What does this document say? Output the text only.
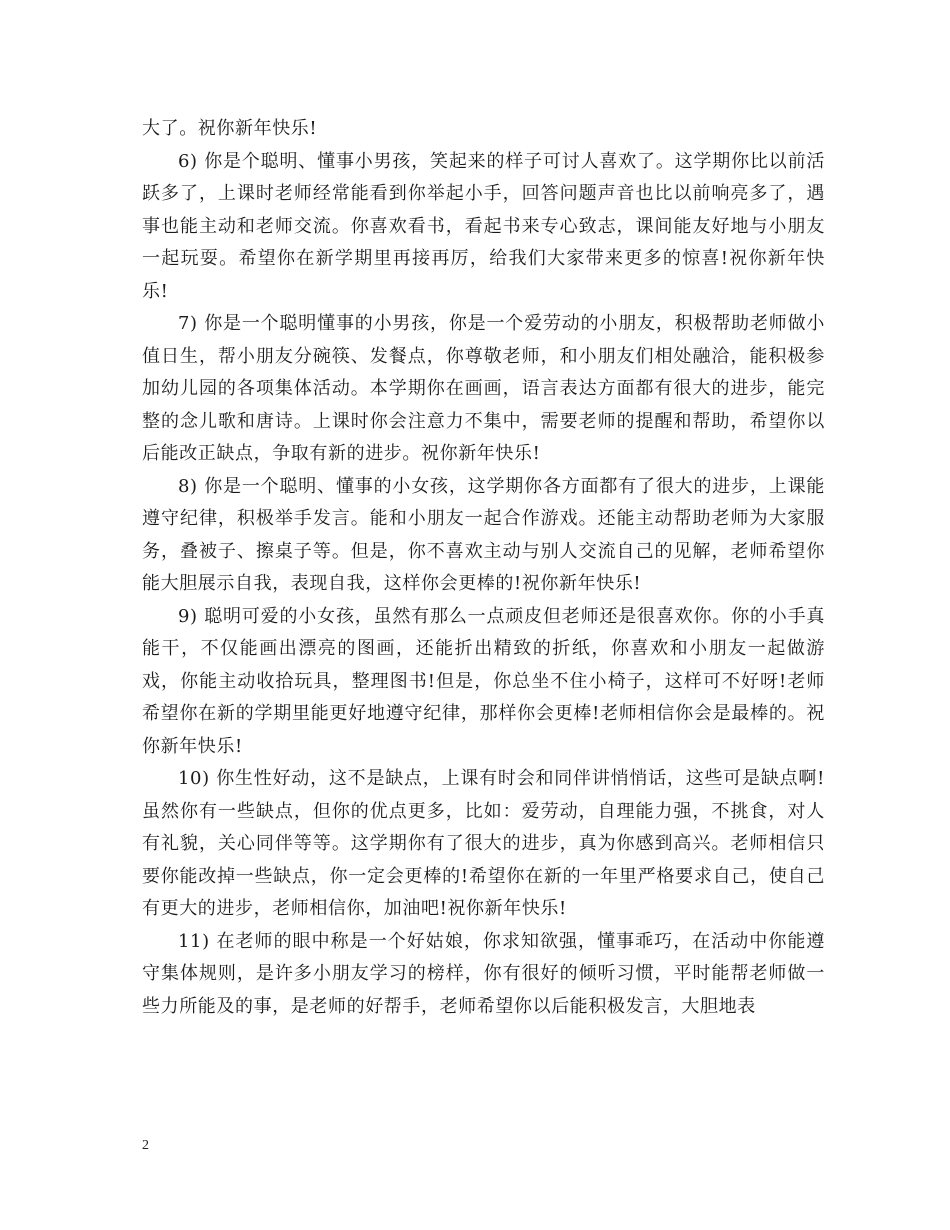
大了。祝你新年快乐!

6) 你是个聪明、懂事小男孩，笑起来的样子可讨人喜欢了。这学期你比以前活跃多了，上课时老师经常能看到你举起小手，回答问题声音也比以前响亮多了，遇事也能主动和老师交流。你喜欢看书，看起书来专心致志，课间能友好地与小朋友一起玩耍。希望你在新学期里再接再厉，给我们大家带来更多的惊喜!祝你新年快乐!

7) 你是一个聪明懂事的小男孩，你是一个爱劳动的小朋友，积极帮助老师做小值日生，帮小朋友分碗筷、发餐点，你尊敬老师，和小朋友们相处融洽，能积极参加幼儿园的各项集体活动。本学期你在画画，语言表达方面都有很大的进步，能完整的念儿歌和唐诗。上课时你会注意力不集中，需要老师的提醒和帮助，希望你以后能改正缺点，争取有新的进步。祝你新年快乐!

8) 你是一个聪明、懂事的小女孩，这学期你各方面都有了很大的进步，上课能遵守纪律，积极举手发言。能和小朋友一起合作游戏。还能主动帮助老师为大家服务，叠被子、擦桌子等。但是，你不喜欢主动与别人交流自己的见解，老师希望你能大胆展示自我，表现自我，这样你会更棒的!祝你新年快乐!

9) 聪明可爱的小女孩，虽然有那么一点顽皮但老师还是很喜欢你。你的小手真能干，不仅能画出漂亮的图画，还能折出精致的折纸，你喜欢和小朋友一起做游戏，你能主动收拾玩具，整理图书!但是，你总坐不住小椅子，这样可不好呀!老师希望你在新的学期里能更好地遵守纪律，那样你会更棒!老师相信你会是最棒的。祝你新年快乐!

10) 你生性好动，这不是缺点，上课有时会和同伴讲悄悄话，这些可是缺点啊!虽然你有一些缺点，但你的优点更多，比如：爱劳动，自理能力强，不挑食，对人有礼貌，关心同伴等等。这学期你有了很大的进步，真为你感到高兴。老师相信只要你能改掉一些缺点，你一定会更棒的!希望你在新的一年里严格要求自己，使自己有更大的进步，老师相信你，加油吧!祝你新年快乐!

11) 在老师的眼中称是一个好姑娘，你求知欲强，懂事乖巧，在活动中你能遵守集体规则，是许多小朋友学习的榜样，你有很好的倾听习惯，平时能帮老师做一些力所能及的事，是老师的好帮手，老师希望你以后能积极发言，大胆地表

2
